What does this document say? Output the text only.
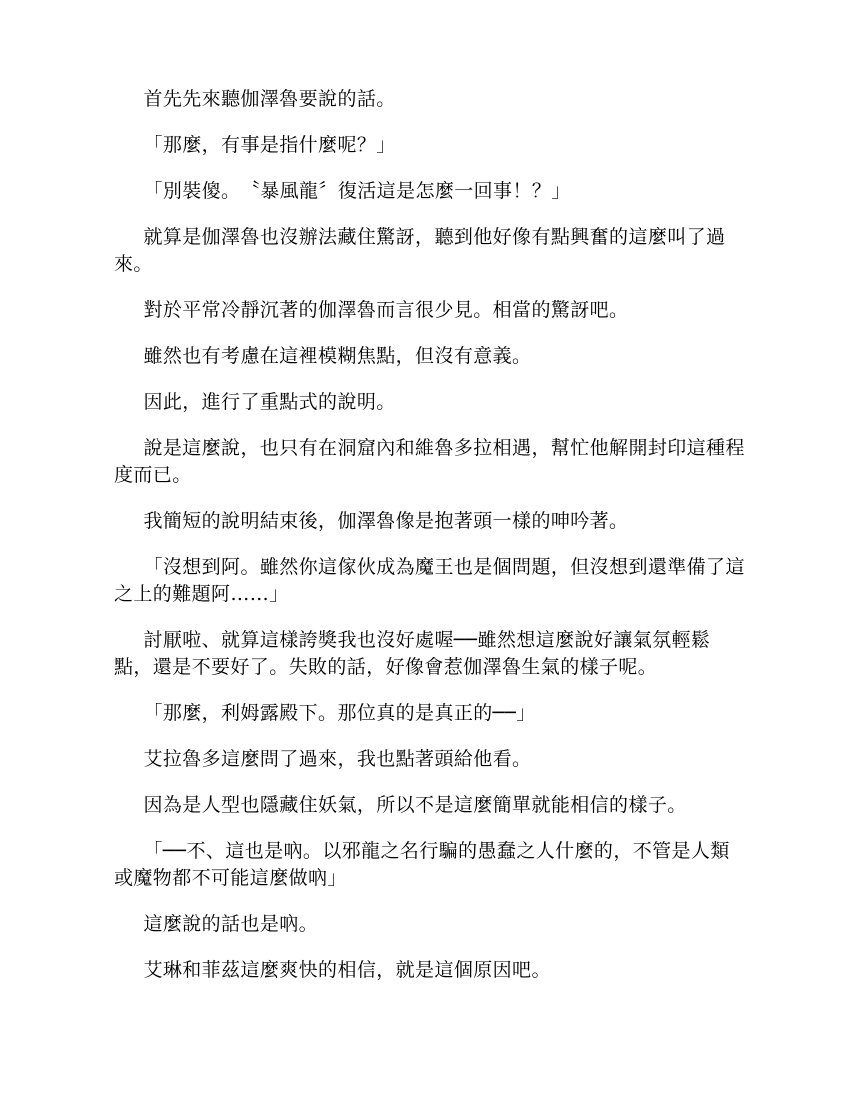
首先先來聽伽澤魯要說的話。

「那麼，有事是指什麼呢？」

「別裝傻。　〝暴風龍〞復活這是怎麼一回事！？」

就算是伽澤魯也沒辦法藏住驚訝，聽到他好像有點興奮的這麼叫了過來。

對於平常冷靜沉著的伽澤魯而言很少見。相當的驚訝吧。

雖然也有考慮在這裡模糊焦點，但沒有意義。

因此，進行了重點式的說明。

說是這麼說，也只有在洞窟內和維魯多拉相遇，幫忙他解開封印這種程度而已。

我簡短的說明結束後，伽澤魯像是抱著頭一樣的呻吟著。

「沒想到阿。雖然你這傢伙成為魔王也是個問題，但沒想到還準備了這之上的難題阿……」

討厭啦、就算這樣誇獎我也沒好處喔──雖然想這麼說好讓氣氛輕鬆點，還是不要好了。失敗的話，好像會惹伽澤魯生氣的樣子呢。

「那麼，利姆露殿下。那位真的是真正的──」

艾拉魯多這麼問了過來，我也點著頭給他看。

因為是人型也隱藏住妖氣，所以不是這麼簡單就能相信的樣子。

「──不、這也是吶。以邪龍之名行騙的愚蠢之人什麼的，不管是人類或魔物都不可能這麼做吶」

這麼說的話也是吶。

艾琳和菲茲這麼爽快的相信，就是這個原因吧。
